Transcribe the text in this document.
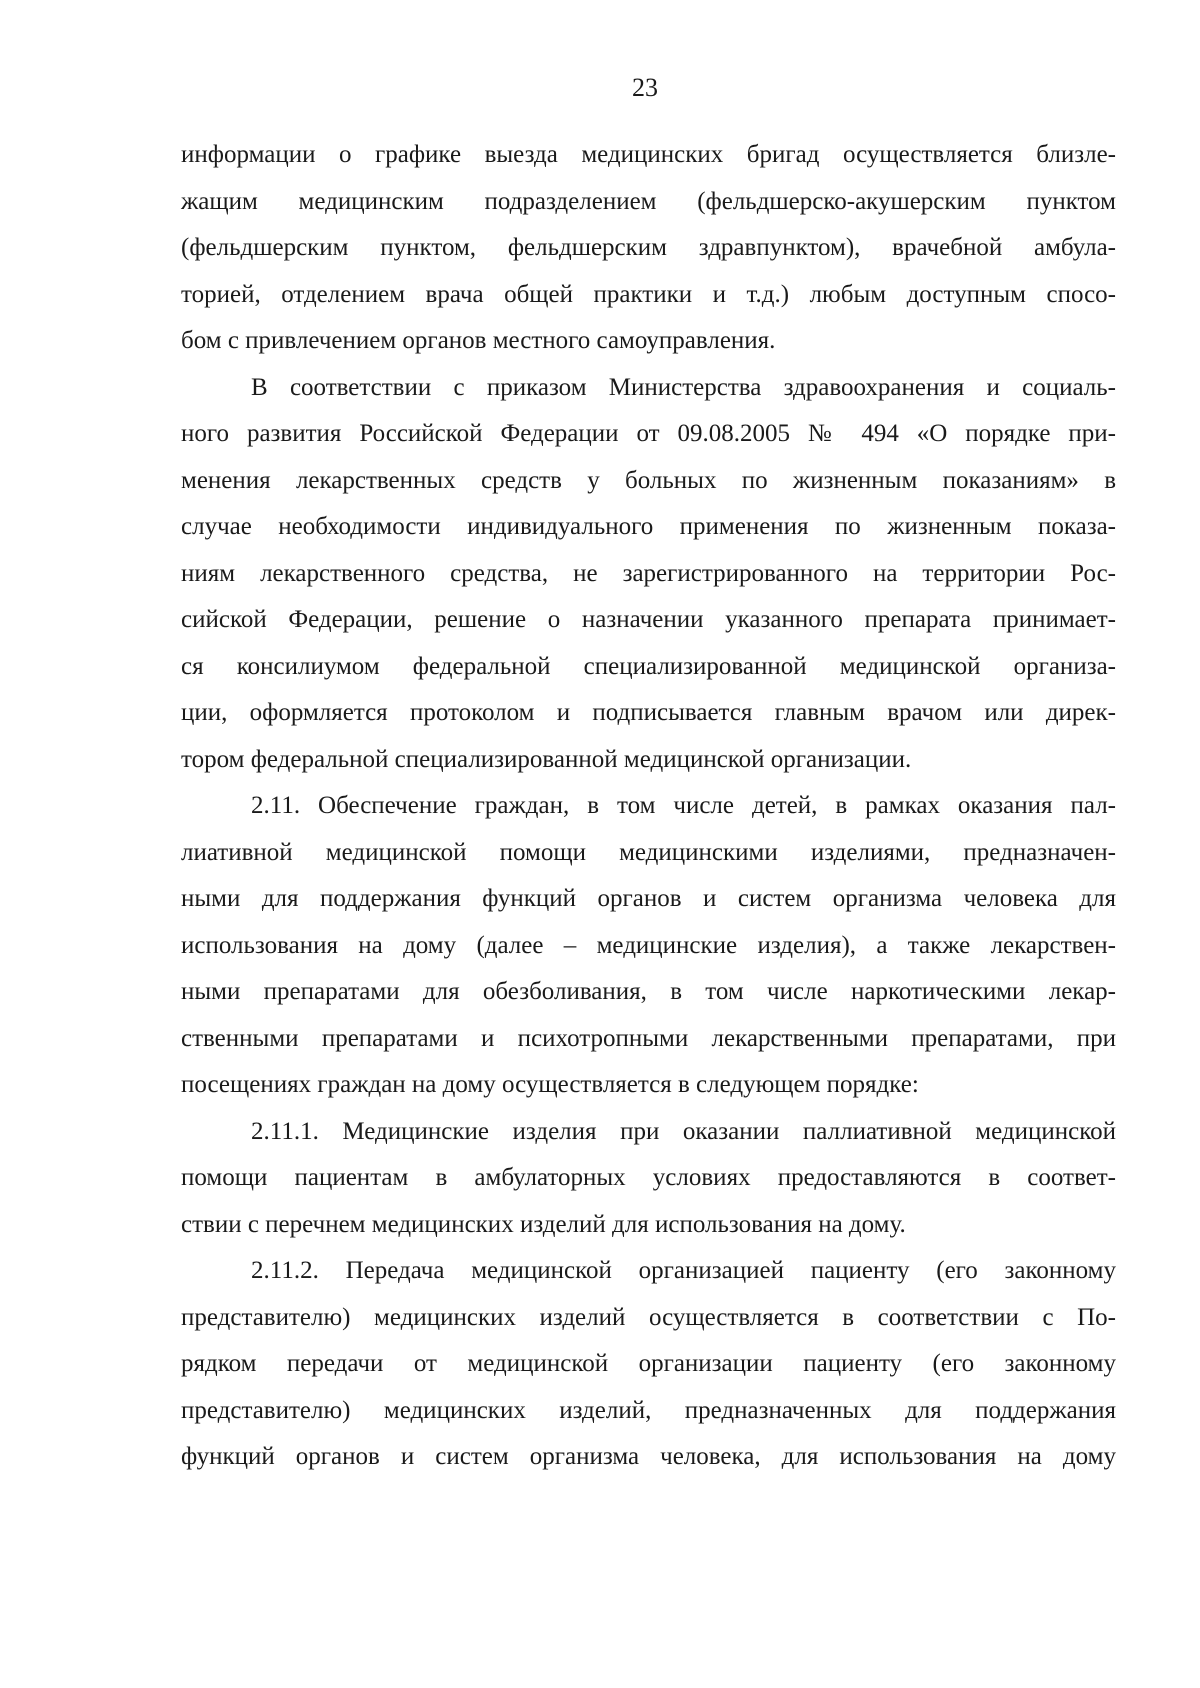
23
информации о графике выезда медицинских бригад осуществляется близле-
жащим медицинским подразделением (фельдшерско-акушерским пунктом
(фельдшерским пунктом, фельдшерским здравпунктом), врачебной амбула-
торией, отделением врача общей практики и т.д.) любым доступным спосо-
бом с привлечением органов местного самоуправления.
В соответствии с приказом Министерства здравоохранения и социаль-
ного развития Российской Федерации от 09.08.2005 № 494 «О порядке при-
менения лекарственных средств у больных по жизненным показаниям» в
случае необходимости индивидуального применения по жизненным показа-
ниям лекарственного средства, не зарегистрированного на территории Рос-
сийской Федерации, решение о назначении указанного препарата принимает-
ся консилиумом федеральной специализированной медицинской организа-
ции, оформляется протоколом и подписывается главным врачом или дирек-
тором федеральной специализированной медицинской организации.
2.11. Обеспечение граждан, в том числе детей, в рамках оказания пал-
лиативной медицинской помощи медицинскими изделиями, предназначен-
ными для поддержания функций органов и систем организма человека для
использования на дому (далее – медицинские изделия), а также лекарствен-
ными препаратами для обезболивания, в том числе наркотическими лекар-
ственными препаратами и психотропными лекарственными препаратами, при
посещениях граждан на дому осуществляется в следующем порядке:
2.11.1. Медицинские изделия при оказании паллиативной медицинской
помощи пациентам в амбулаторных условиях предоставляются в соответ-
ствии с перечнем медицинских изделий для использования на дому.
2.11.2. Передача медицинской организацией пациенту (его законному
представителю) медицинских изделий осуществляется в соответствии с По-
рядком передачи от медицинской организации пациенту (его законному
представителю) медицинских изделий, предназначенных для поддержания
функций органов и систем организма человека, для использования на дому
